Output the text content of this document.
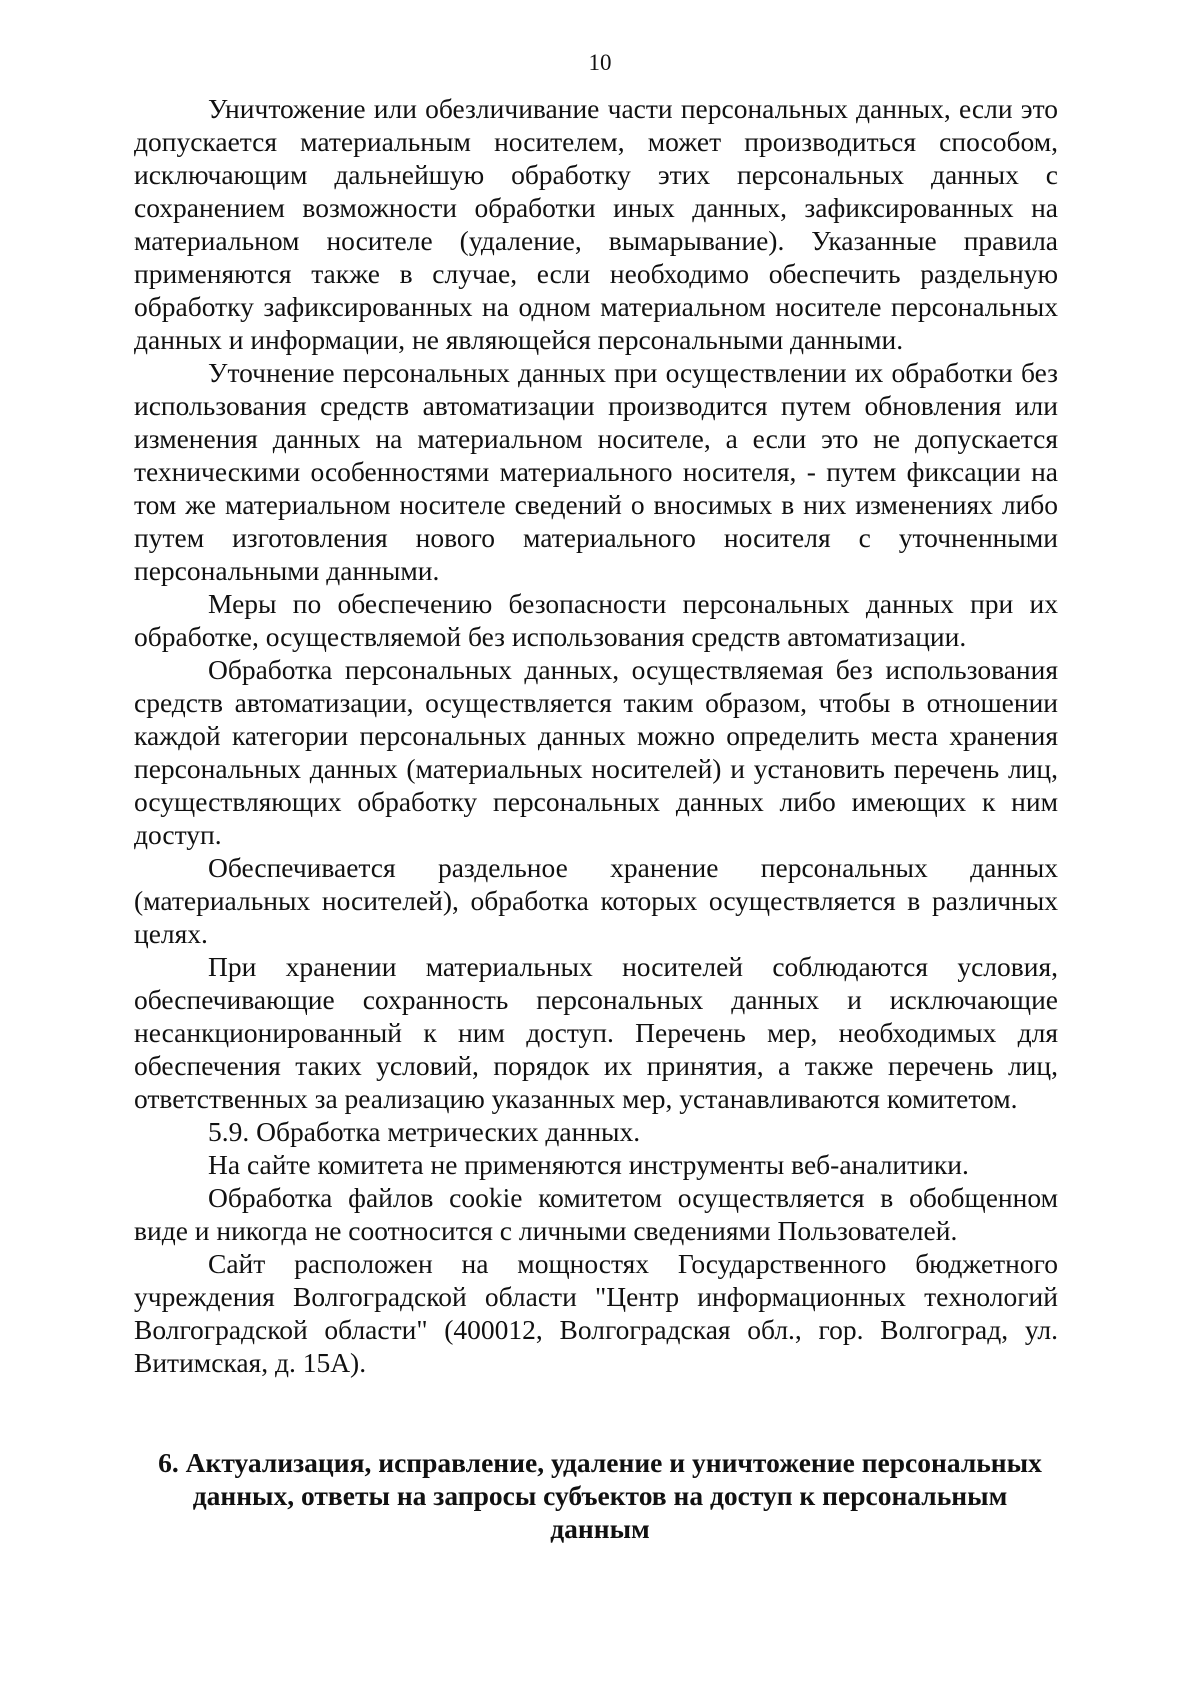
10

Уничтожение или обезличивание части персональных данных, если это допускается материальным носителем, может производиться способом, исключающим дальнейшую обработку этих персональных данных с сохранением возможности обработки иных данных, зафиксированных на материальном носителе (удаление, вымарывание). Указанные правила применяются также в случае, если необходимо обеспечить раздельную обработку зафиксированных на одном материальном носителе персональных данных и информации, не являющейся персональными данными.

Уточнение персональных данных при осуществлении их обработки без использования средств автоматизации производится путем обновления или изменения данных на материальном носителе, а если это не допускается техническими особенностями материального носителя, - путем фиксации на том же материальном носителе сведений о вносимых в них изменениях либо путем изготовления нового материального носителя с уточненными персональными данными.

Меры по обеспечению безопасности персональных данных при их обработке, осуществляемой без использования средств автоматизации.

Обработка персональных данных, осуществляемая без использования средств автоматизации, осуществляется таким образом, чтобы в отношении каждой категории персональных данных можно определить места хранения персональных данных (материальных носителей) и установить перечень лиц, осуществляющих обработку персональных данных либо имеющих к ним доступ.

Обеспечивается раздельное хранение персональных данных (материальных носителей), обработка которых осуществляется в различных целях.

При хранении материальных носителей соблюдаются условия, обеспечивающие сохранность персональных данных и исключающие несанкционированный к ним доступ. Перечень мер, необходимых для обеспечения таких условий, порядок их принятия, а также перечень лиц, ответственных за реализацию указанных мер, устанавливаются комитетом.

5.9. Обработка метрических данных.

На сайте комитета не применяются инструменты веб-аналитики.

Обработка файлов cookie комитетом осуществляется в обобщенном виде и никогда не соотносится с личными сведениями Пользователей.

Сайт расположен на мощностях Государственного бюджетного учреждения Волгоградской области "Центр информационных технологий Волгоградской области" (400012, Волгоградская обл., гор. Волгоград, ул. Витимская, д. 15А).

6. Актуализация, исправление, удаление и уничтожение персональных данных, ответы на запросы субъектов на доступ к персональным данным
